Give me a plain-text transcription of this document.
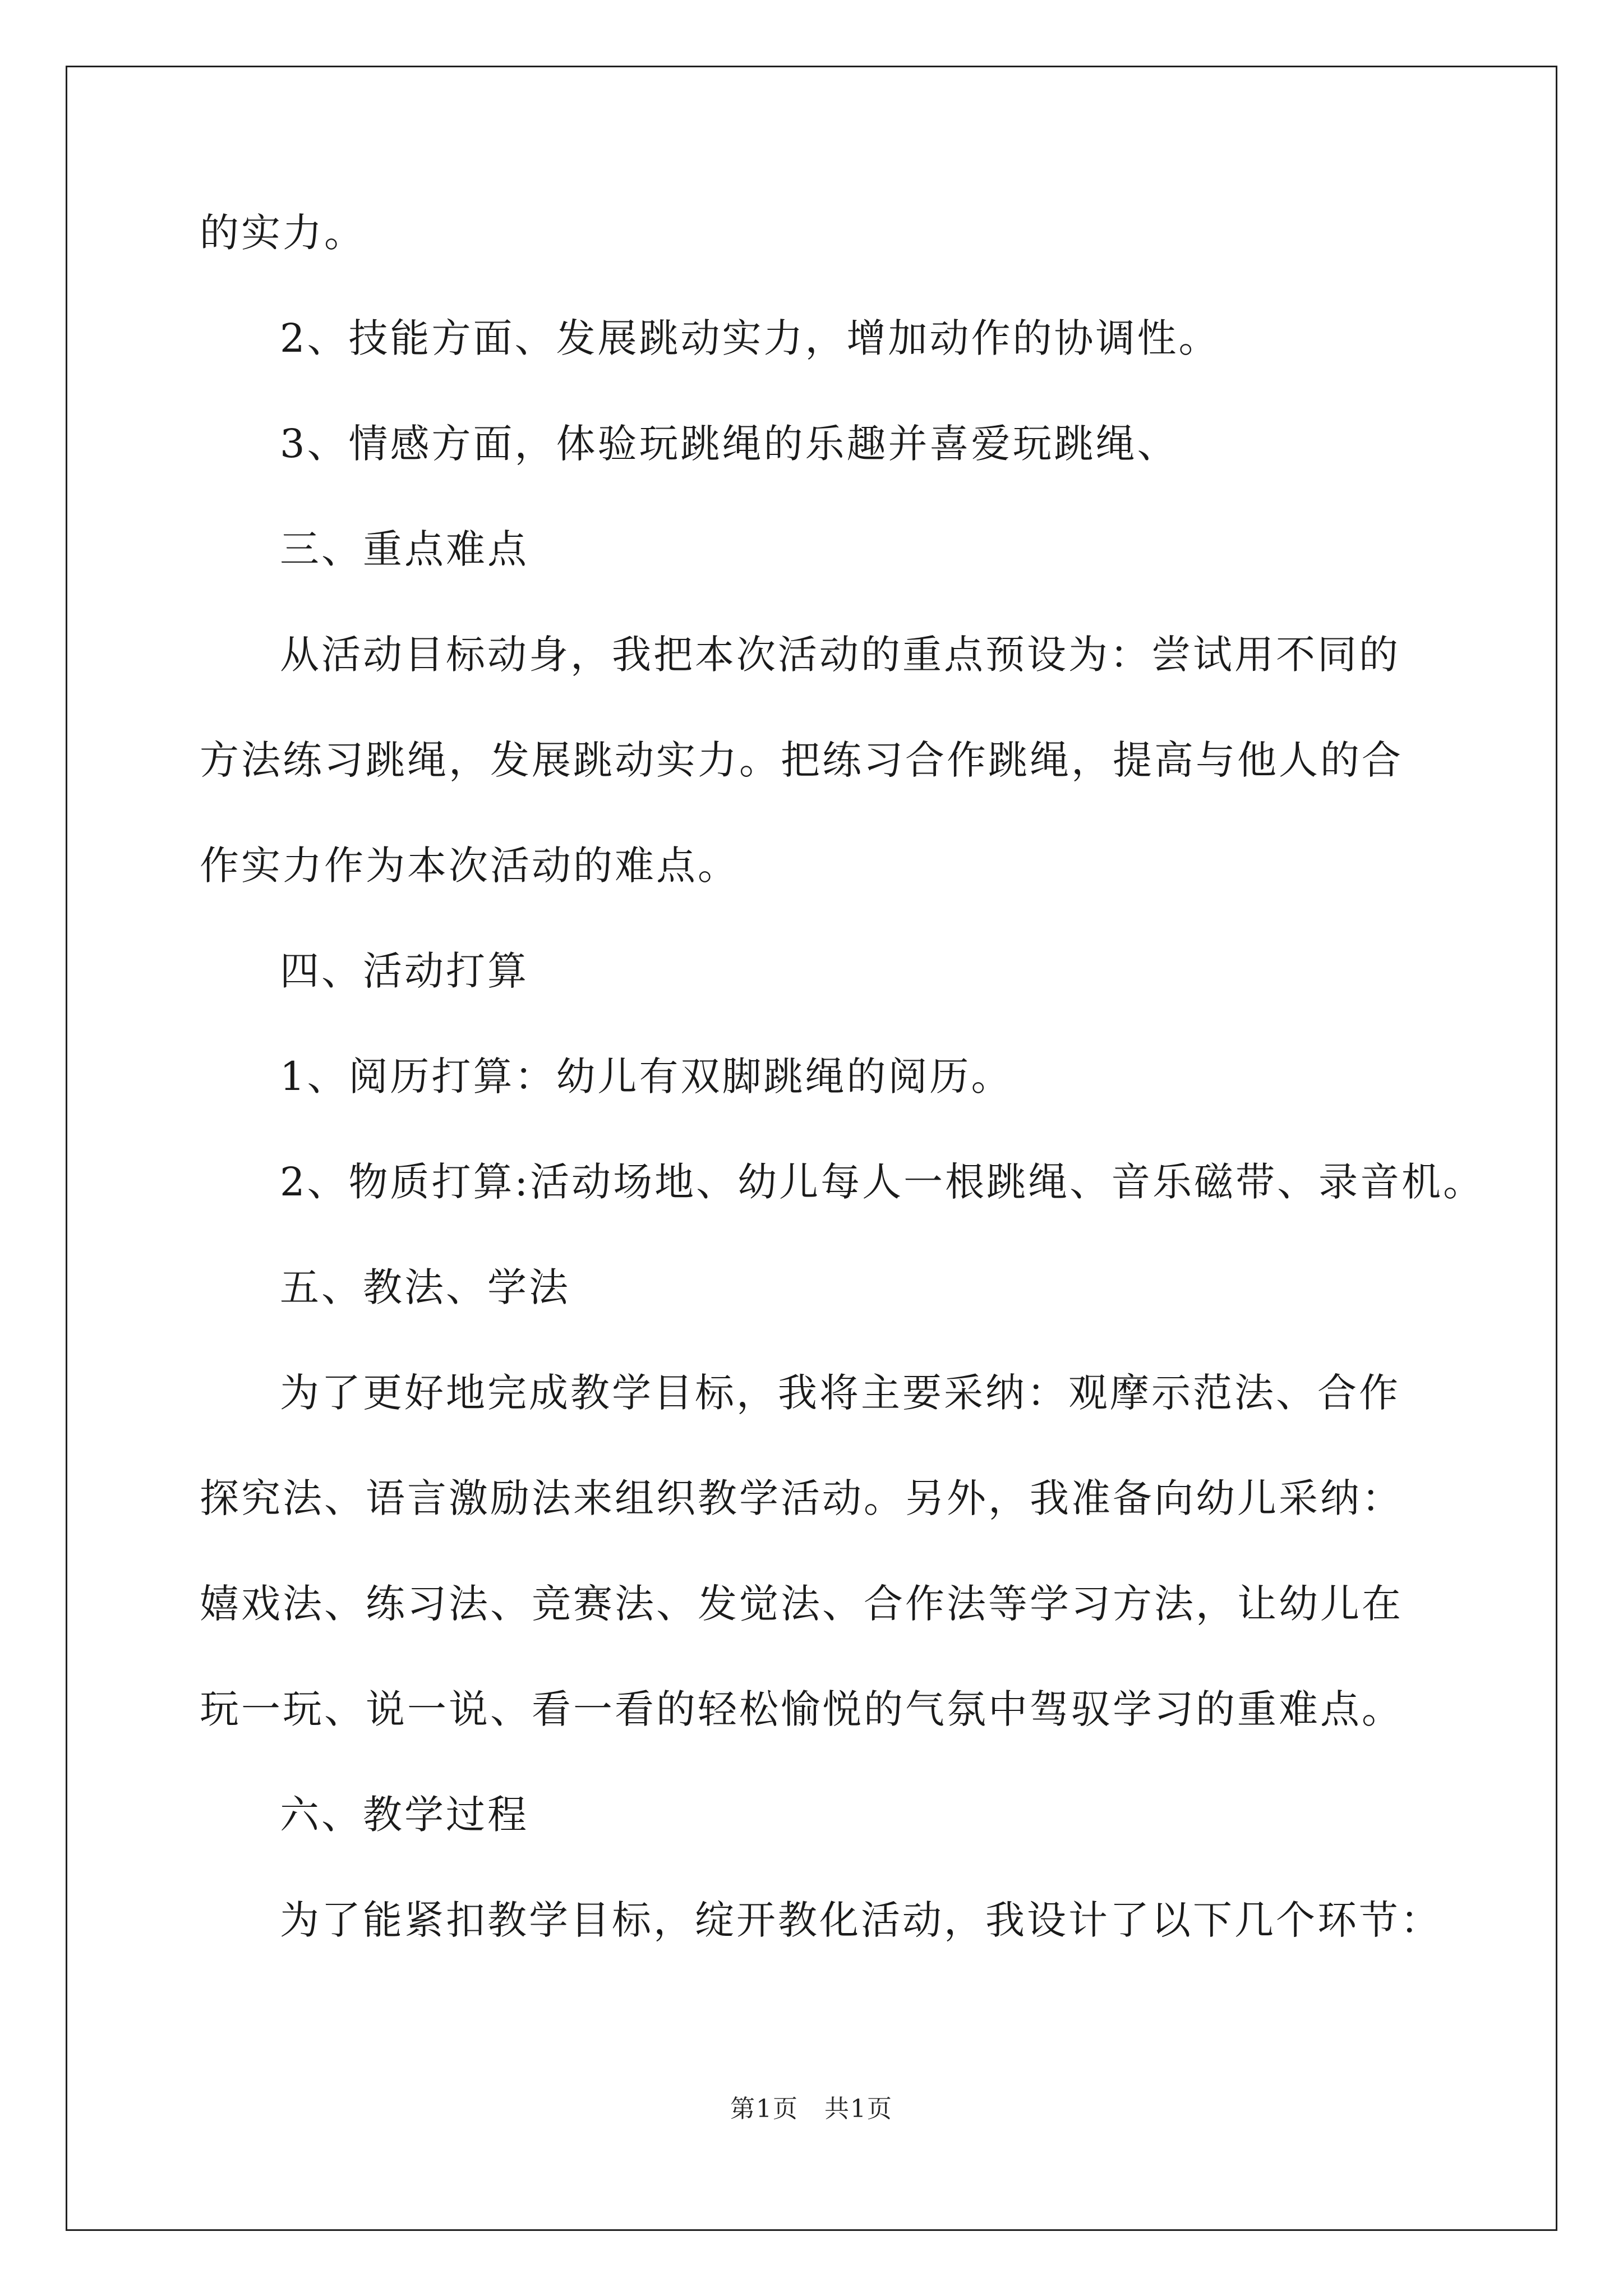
的实力。

2、技能方面、发展跳动实力，增加动作的协调性。

3、情感方面，体验玩跳绳的乐趣并喜爱玩跳绳、

三、重点难点

从活动目标动身，我把本次活动的重点预设为：尝试用不同的方法练习跳绳，发展跳动实力。把练习合作跳绳，提高与他人的合作实力作为本次活动的难点。

四、活动打算

1、阅历打算：幼儿有双脚跳绳的阅历。

2、物质打算:活动场地、幼儿每人一根跳绳、音乐磁带、录音机。

五、教法、学法

为了更好地完成教学目标，我将主要采纳：观摩示范法、合作探究法、语言激励法来组织教学活动。另外，我准备向幼儿采纳：嬉戏法、练习法、竞赛法、发觉法、合作法等学习方法，让幼儿在玩一玩、说一说、看一看的轻松愉悦的气氛中驾驭学习的重难点。

六、教学过程

为了能紧扣教学目标，绽开教化活动，我设计了以下几个环节：

第1页　共1页
